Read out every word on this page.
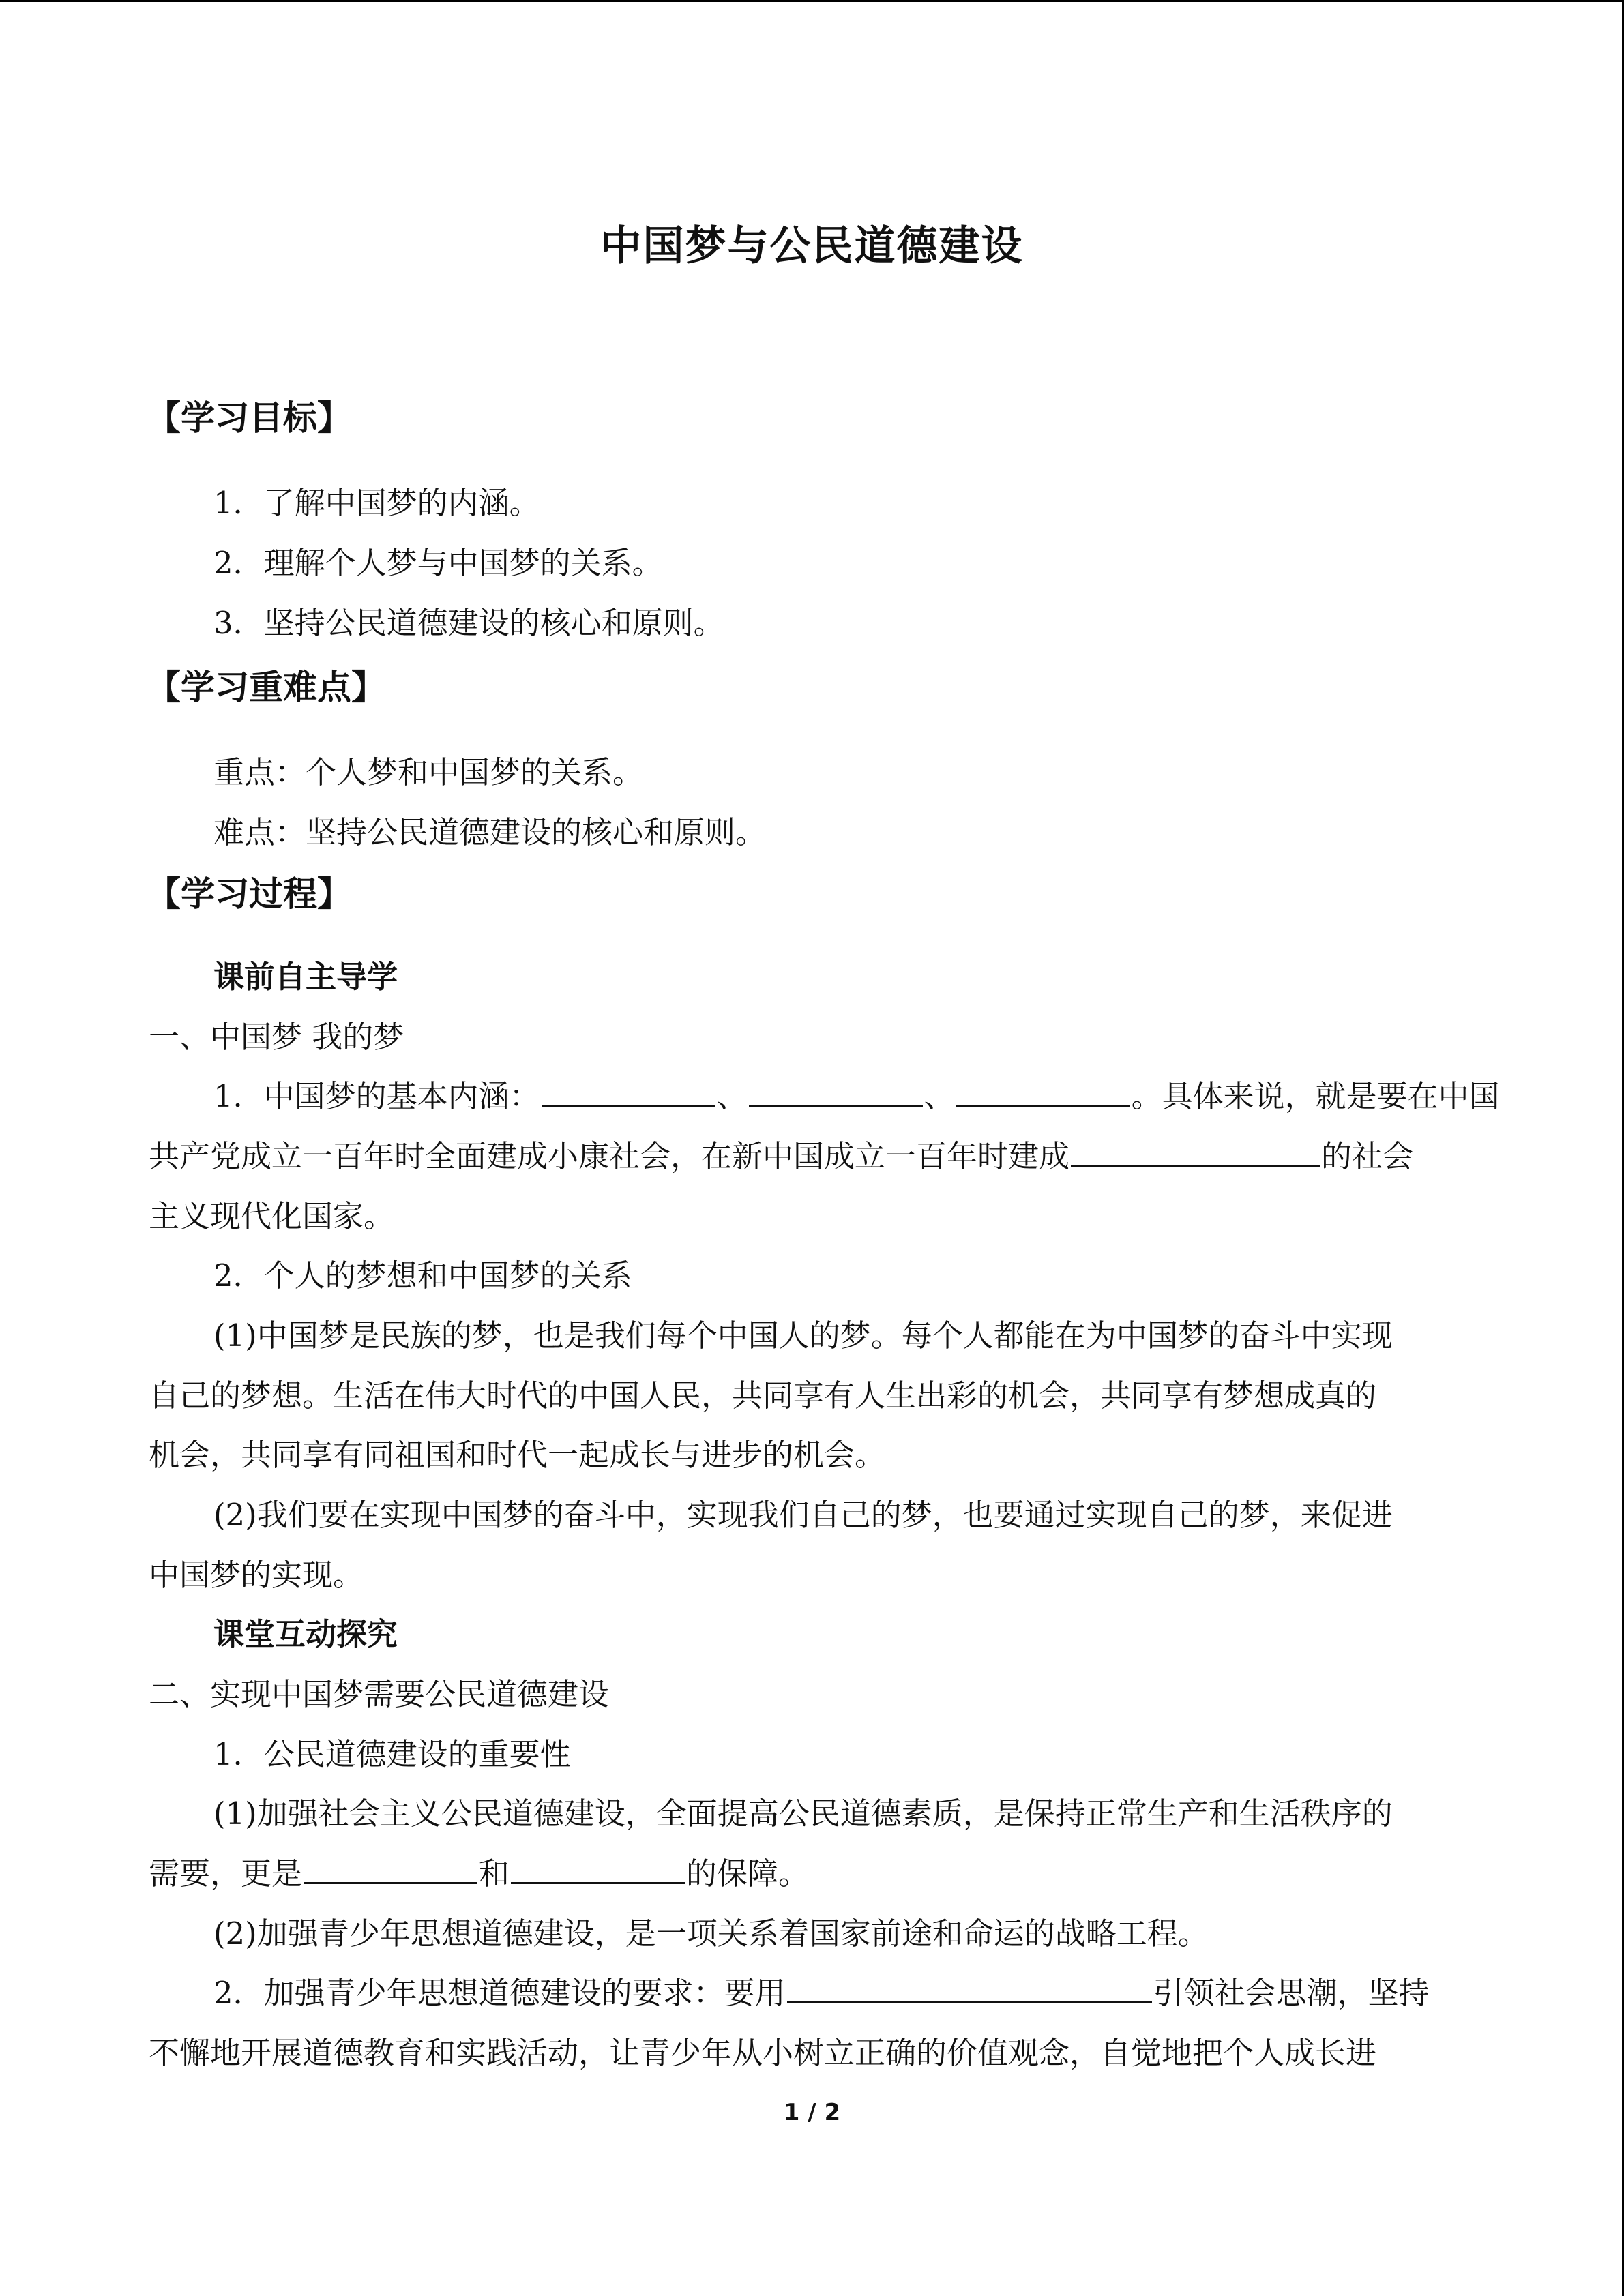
中国梦与公民道德建设
【学习目标】
1．了解中国梦的内涵。
2．理解个人梦与中国梦的关系。
3．坚持公民道德建设的核心和原则。
【学习重难点】
重点：个人梦和中国梦的关系。
难点：坚持公民道德建设的核心和原则。
【学习过程】
课前自主导学
一、中国梦 我的梦
1．中国梦的基本内涵：	、	、	。具体来说，就是要在中国
共产党成立一百年时全面建成小康社会，在新中国成立一百年时建成	的社会
主义现代化国家。
2．个人的梦想和中国梦的关系
(1)中国梦是民族的梦，也是我们每个中国人的梦。每个人都能在为中国梦的奋斗中实现
自己的梦想。生活在伟大时代的中国人民，共同享有人生出彩的机会，共同享有梦想成真的
机会，共同享有同祖国和时代一起成长与进步的机会。
(2)我们要在实现中国梦的奋斗中，实现我们自己的梦，也要通过实现自己的梦，来促进
中国梦的实现。
课堂互动探究
二、实现中国梦需要公民道德建设
1．公民道德建设的重要性
(1)加强社会主义公民道德建设，全面提高公民道德素质，是保持正常生产和生活秩序的
需要，更是	和	的保障。
(2)加强青少年思想道德建设，是一项关系着国家前途和命运的战略工程。
2．加强青少年思想道德建设的要求：要用	引领社会思潮，坚持
不懈地开展道德教育和实践活动，让青少年从小树立正确的价值观念，自觉地把个人成长进
1 / 2
